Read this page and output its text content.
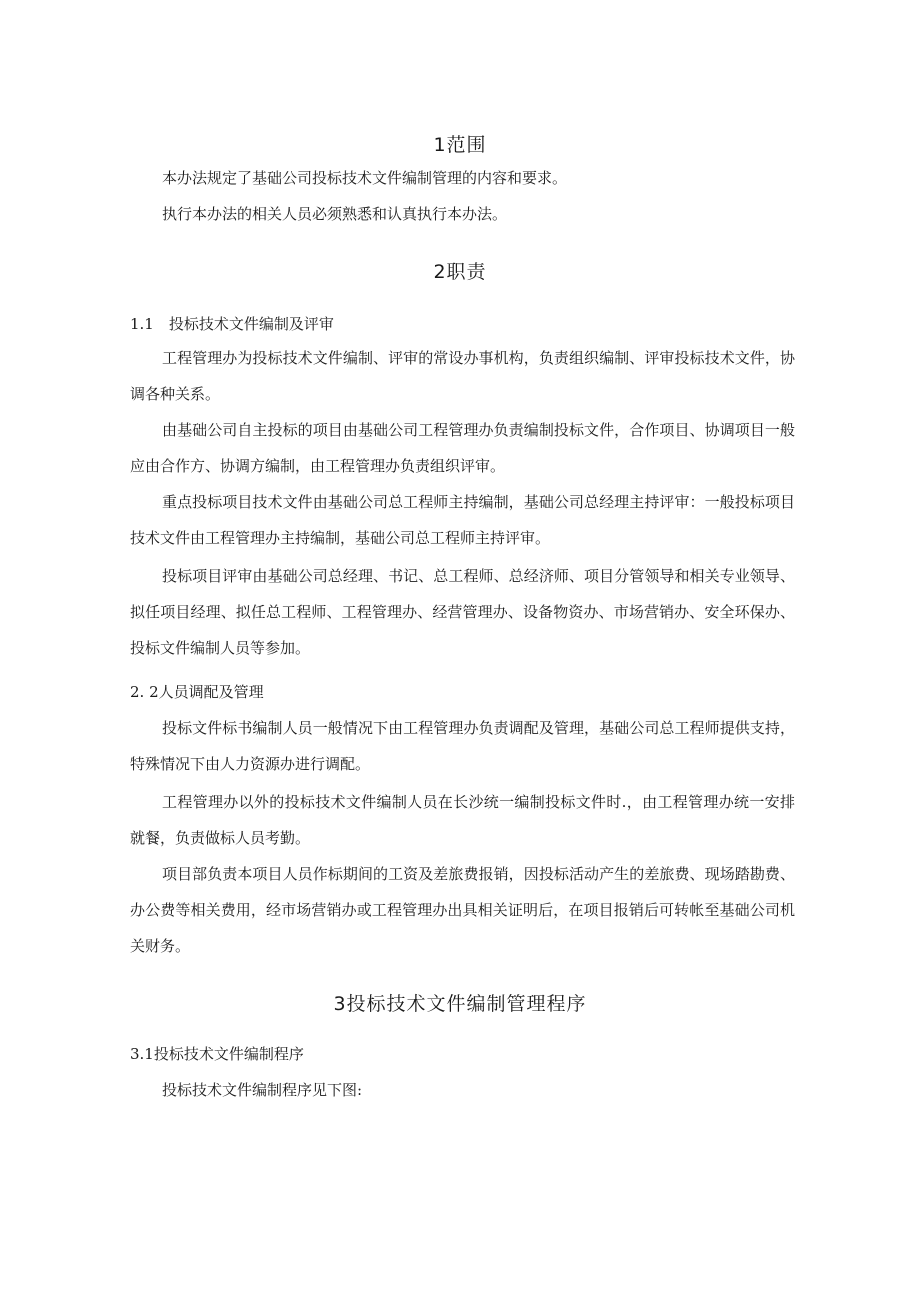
1范围

本办法规定了基础公司投标技术文件编制管理的内容和要求。

执行本办法的相关人员必须熟悉和认真执行本办法。

2职责
1.1　投标技术文件编制及评审

工程管理办为投标技术文件编制、评审的常设办事机构，负责组织编制、评审投标技术文件，协调各种关系。

由基础公司自主投标的项目由基础公司工程管理办负责编制投标文件，合作项目、协调项目一般应由合作方、协调方编制，由工程管理办负责组织评审。

重点投标项目技术文件由基础公司总工程师主持编制，基础公司总经理主持评审：一般投标项目技术文件由工程管理办主持编制，基础公司总工程师主持评审。

投标项目评审由基础公司总经理、书记、总工程师、总经济师、项目分管领导和相关专业领导、拟任项目经理、拟任总工程师、工程管理办、经营管理办、设备物资办、市场营销办、安全环保办、投标文件编制人员等参加。

2. 2人员调配及管理

投标文件标书编制人员一般情况下由工程管理办负责调配及管理，基础公司总工程师提供支持，特殊情况下由人力资源办进行调配。

工程管理办以外的投标技术文件编制人员在长沙统一编制投标文件时.，由工程管理办统一安排就餐，负责做标人员考勤。

项目部负责本项目人员作标期间的工资及差旅费报销，因投标活动产生的差旅费、现场踏勘费、办公费等相关费用，经市场营销办或工程管理办出具相关证明后，在项目报销后可转帐至基础公司机关财务。

3投标技术文件编制管理程序
3.1投标技术文件编制程序

投标技术文件编制程序见下图:
